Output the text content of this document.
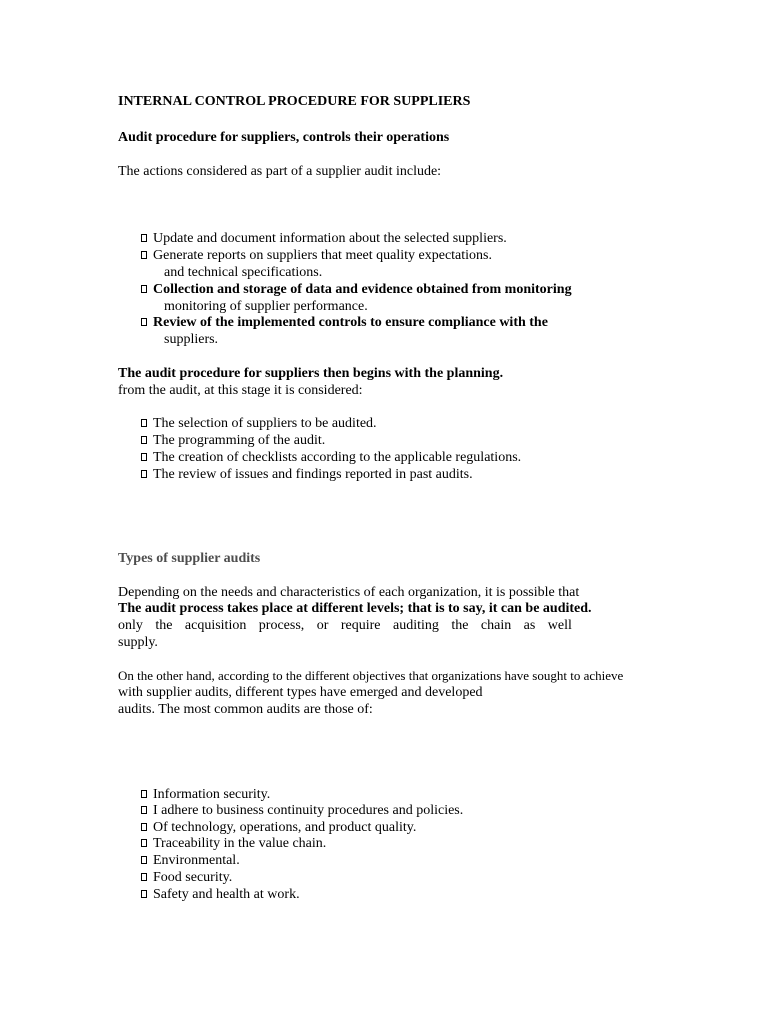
INTERNAL CONTROL PROCEDURE FOR SUPPLIERS

Audit procedure for suppliers, controls their operations

The actions considered as part of a supplier audit include:

Update and document information about the selected suppliers.
Generate reports on suppliers that meet quality expectations.
and technical specifications.
Collection and storage of data and evidence obtained from monitoring
monitoring of supplier performance.
Review of the implemented controls to ensure compliance with the
suppliers.

The audit procedure for suppliers then begins with the planning.

from the audit, at this stage it is considered:

The selection of suppliers to be audited.
The programming of the audit.
The creation of checklists according to the applicable regulations.
The review of issues and findings reported in past audits.

Types of supplier audits

Depending on the needs and characteristics of each organization, it is possible that

The audit process takes place at different levels; that is to say, it can be audited.

only the acquisition process, or require auditing the chain as well

supply.

On the other hand, according to the different objectives that organizations have sought to achieve

with supplier audits, different types have emerged and developed

audits. The most common audits are those of:

Information security.
I adhere to business continuity procedures and policies.
Of technology, operations, and product quality.
Traceability in the value chain.
Environmental.
Food security.
Safety and health at work.
